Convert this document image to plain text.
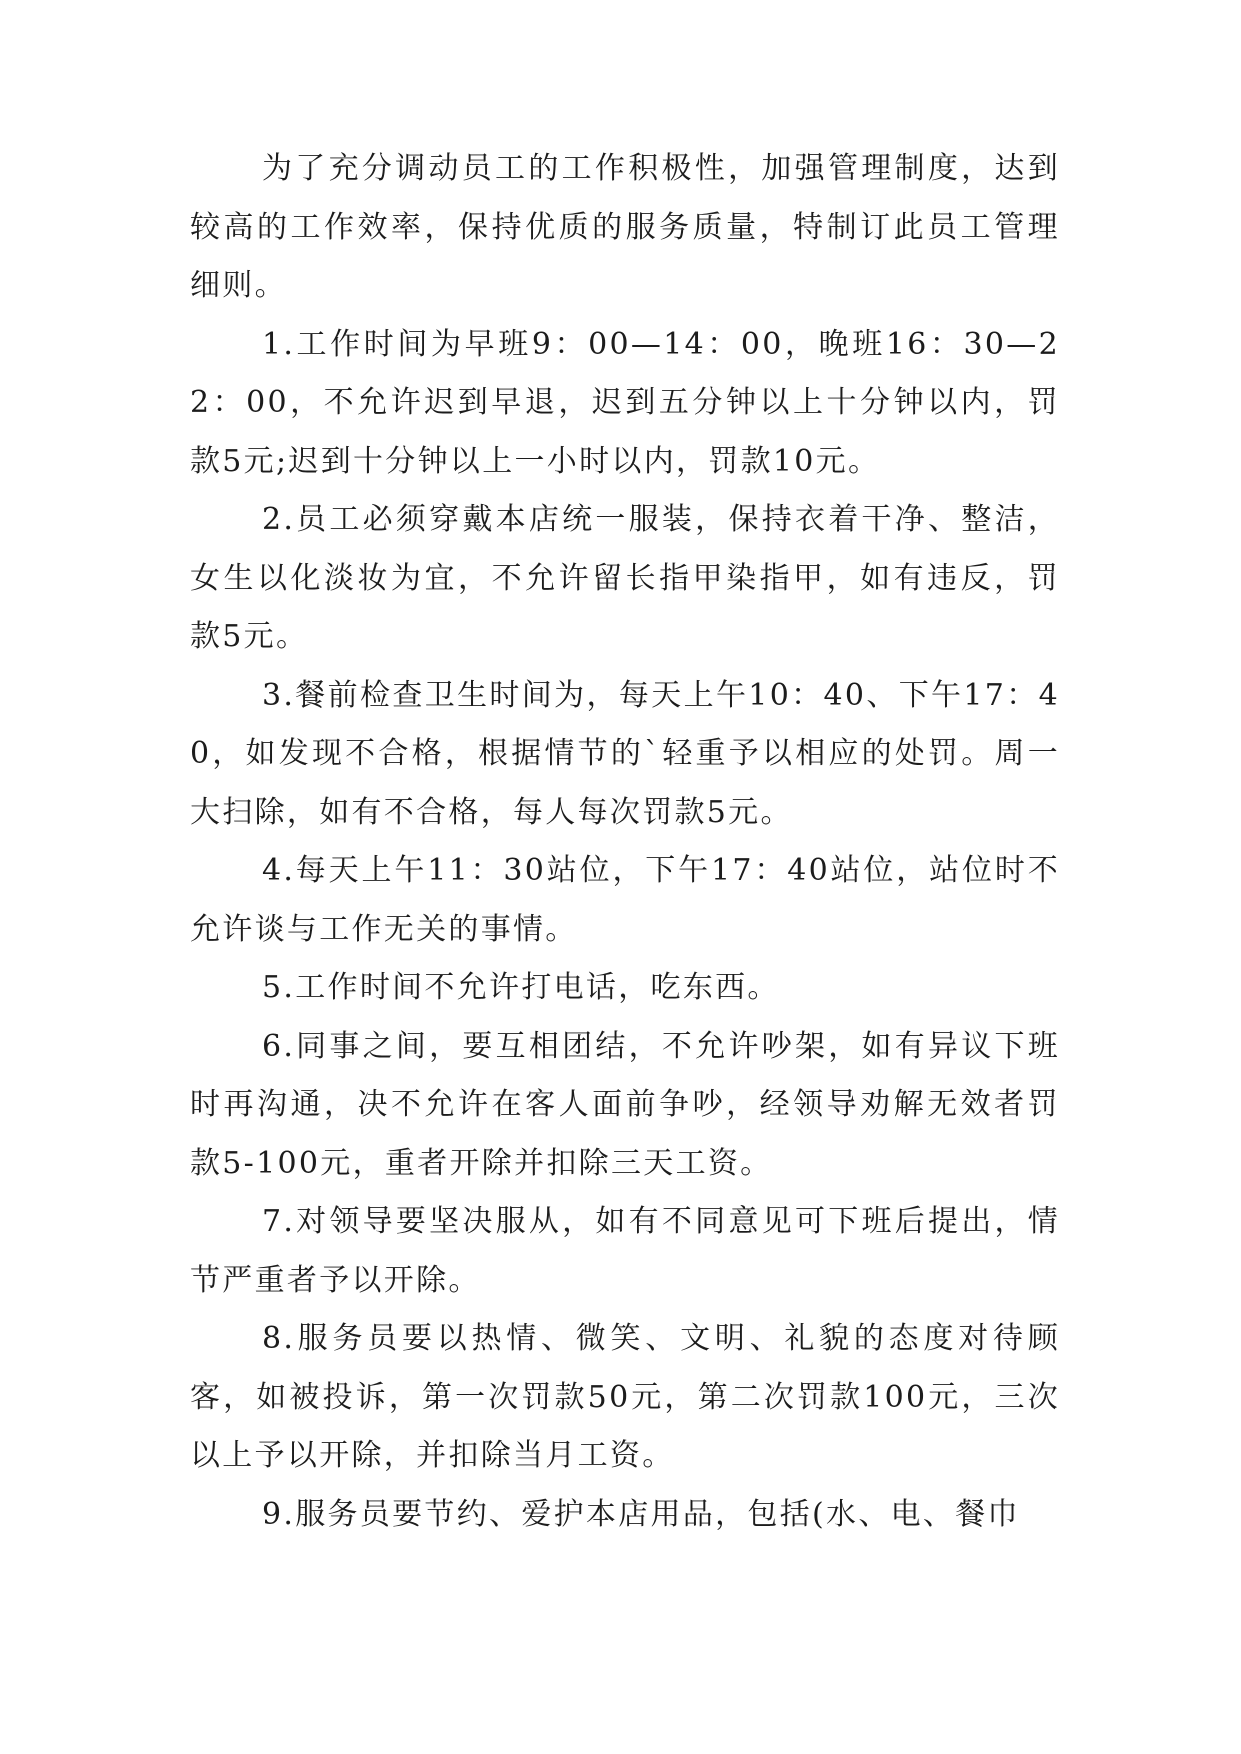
为了充分调动员工的工作积极性，加强管理制度，达到较高的工作效率，保持优质的服务质量，特制订此员工管理细则。

1.工作时间为早班9：00—14：00，晚班16：30—22：00，不允许迟到早退，迟到五分钟以上十分钟以内，罚款5元;迟到十分钟以上一小时以内，罚款10元。

2.员工必须穿戴本店统一服装，保持衣着干净、整洁，女生以化淡妆为宜，不允许留长指甲染指甲，如有违反，罚款5元。

3.餐前检查卫生时间为，每天上午10：40、下午17：40，如发现不合格，根据情节的`轻重予以相应的处罚。周一大扫除，如有不合格，每人每次罚款5元。

4.每天上午11：30站位，下午17：40站位，站位时不允许谈与工作无关的事情。

5.工作时间不允许打电话，吃东西。

6.同事之间，要互相团结，不允许吵架，如有异议下班时再沟通，决不允许在客人面前争吵，经领导劝解无效者罚款5-100元，重者开除并扣除三天工资。

7.对领导要坚决服从，如有不同意见可下班后提出，情节严重者予以开除。

8.服务员要以热情、微笑、文明、礼貌的态度对待顾客，如被投诉，第一次罚款50元，第二次罚款100元，三次以上予以开除，并扣除当月工资。

9.服务员要节约、爱护本店用品，包括(水、电、餐巾
